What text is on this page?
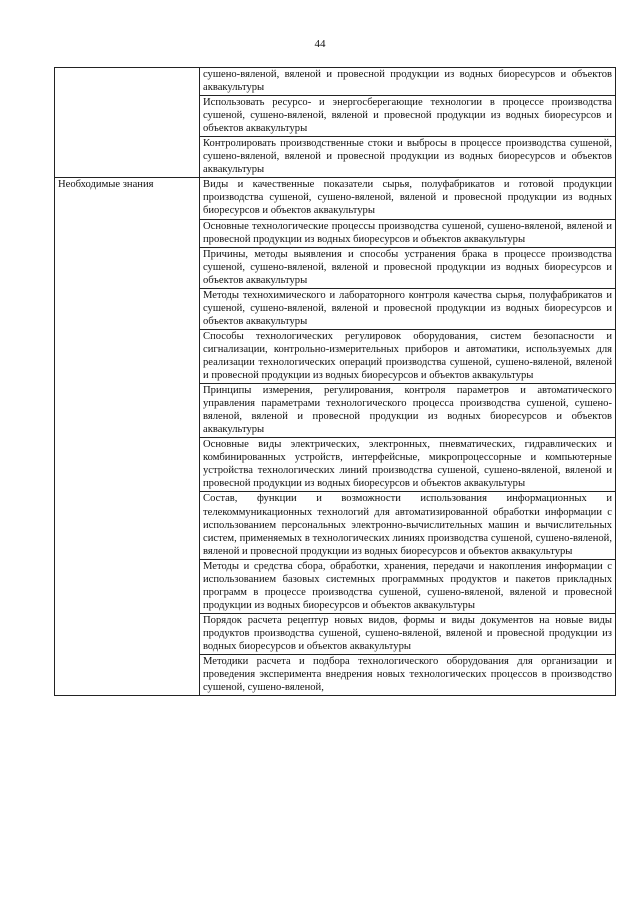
44
	сушено-вяленой, вяленой и провесной продукции из водных биоресурсов и объектов аквакультуры
	Использовать ресурсо- и энергосберегающие технологии в процессе производства сушеной, сушено-вяленой, вяленой и провесной продукции из водных биоресурсов и объектов аквакультуры
	Контролировать производственные стоки и выбросы в процессе производства сушеной, сушено-вяленой, вяленой и провесной продукции из водных биоресурсов и объектов аквакультуры
Необходимые знания	Виды и качественные показатели сырья, полуфабрикатов и готовой продукции производства сушеной, сушено-вяленой, вяленой и провесной продукции из водных биоресурсов и объектов аквакультуры
	Основные технологические процессы производства сушеной, сушено-вяленой, вяленой и провесной продукции из водных биоресурсов и объектов аквакультуры
	Причины, методы выявления и способы устранения брака в процессе производства сушеной, сушено-вяленой, вяленой и провесной продукции из водных биоресурсов и объектов аквакультуры
	Методы технохимического и лабораторного контроля качества сырья, полуфабрикатов и сушеной, сушено-вяленой, вяленой и провесной продукции из водных биоресурсов и объектов аквакультуры
	Способы технологических регулировок оборудования, систем безопасности и сигнализации, контрольно-измерительных приборов и автоматики, используемых для реализации технологических операций производства сушеной, сушено-вяленой, вяленой и провесной продукции из водных биоресурсов и объектов аквакультуры
	Принципы измерения, регулирования, контроля параметров и автоматического управления параметрами технологического процесса производства сушеной, сушено-вяленой, вяленой и провесной продукции из водных биоресурсов и объектов аквакультуры
	Основные виды электрических, электронных, пневматических, гидравлических и комбинированных устройств, интерфейсные, микропроцессорные и компьютерные устройства технологических линий производства сушеной, сушено-вяленой, вяленой и провесной продукции из водных биоресурсов и объектов аквакультуры
	Состав, функции и возможности использования информационных и телекоммуникационных технологий для автоматизированной обработки информации с использованием персональных электронно-вычислительных машин и вычислительных систем, применяемых в технологических линиях производства сушеной, сушено-вяленой, вяленой и провесной продукции из водных биоресурсов и объектов аквакультуры
	Методы и средства сбора, обработки, хранения, передачи и накопления информации с использованием базовых системных программных продуктов и пакетов прикладных программ в процессе производства сушеной, сушено-вяленой, вяленой и провесной продукции из водных биоресурсов и объектов аквакультуры
	Порядок расчета рецептур новых видов, формы и виды документов на новые виды продуктов производства сушеной, сушено-вяленой, вяленой и провесной продукции из водных биоресурсов и объектов аквакультуры
	Методики расчета и подбора технологического оборудования для организации и проведения эксперимента внедрения новых технологических процессов в производство сушеной, сушено-вяленой,
